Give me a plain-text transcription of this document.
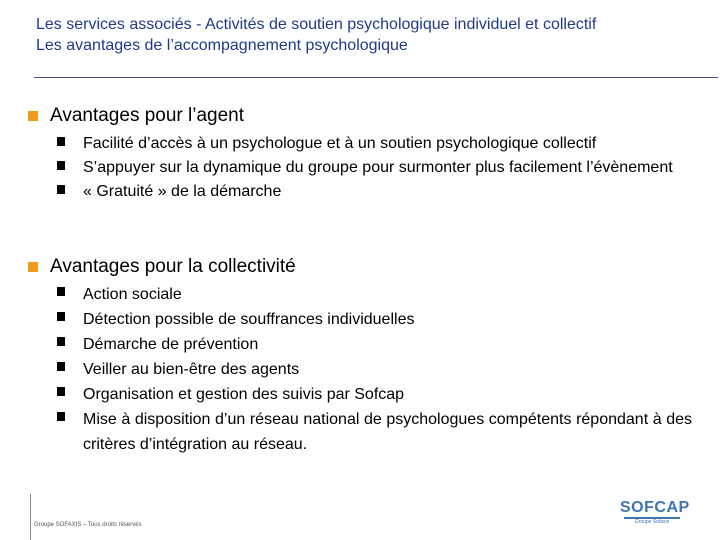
Les services associés - Activités de soutien psychologique individuel et collectif
Les avantages de l’accompagnement psychologique
Avantages pour l’agent
Facilité d’accès à un psychologue et à un soutien psychologique collectif
S’appuyer sur la dynamique du groupe pour surmonter plus facilement l’évènement
« Gratuité » de la démarche
Avantages pour la collectivité
Action sociale
Détection possible de souffrances individuelles
Démarche de prévention
Veiller au bien-être des agents
Organisation et gestion des suivis par Sofcap
Mise à disposition d’un réseau national de psychologues compétents répondant à des critères d’intégration au réseau.
Groupe SOFAXIS – Tous droits réservés
SOFCAP
Groupe Sofaxis
